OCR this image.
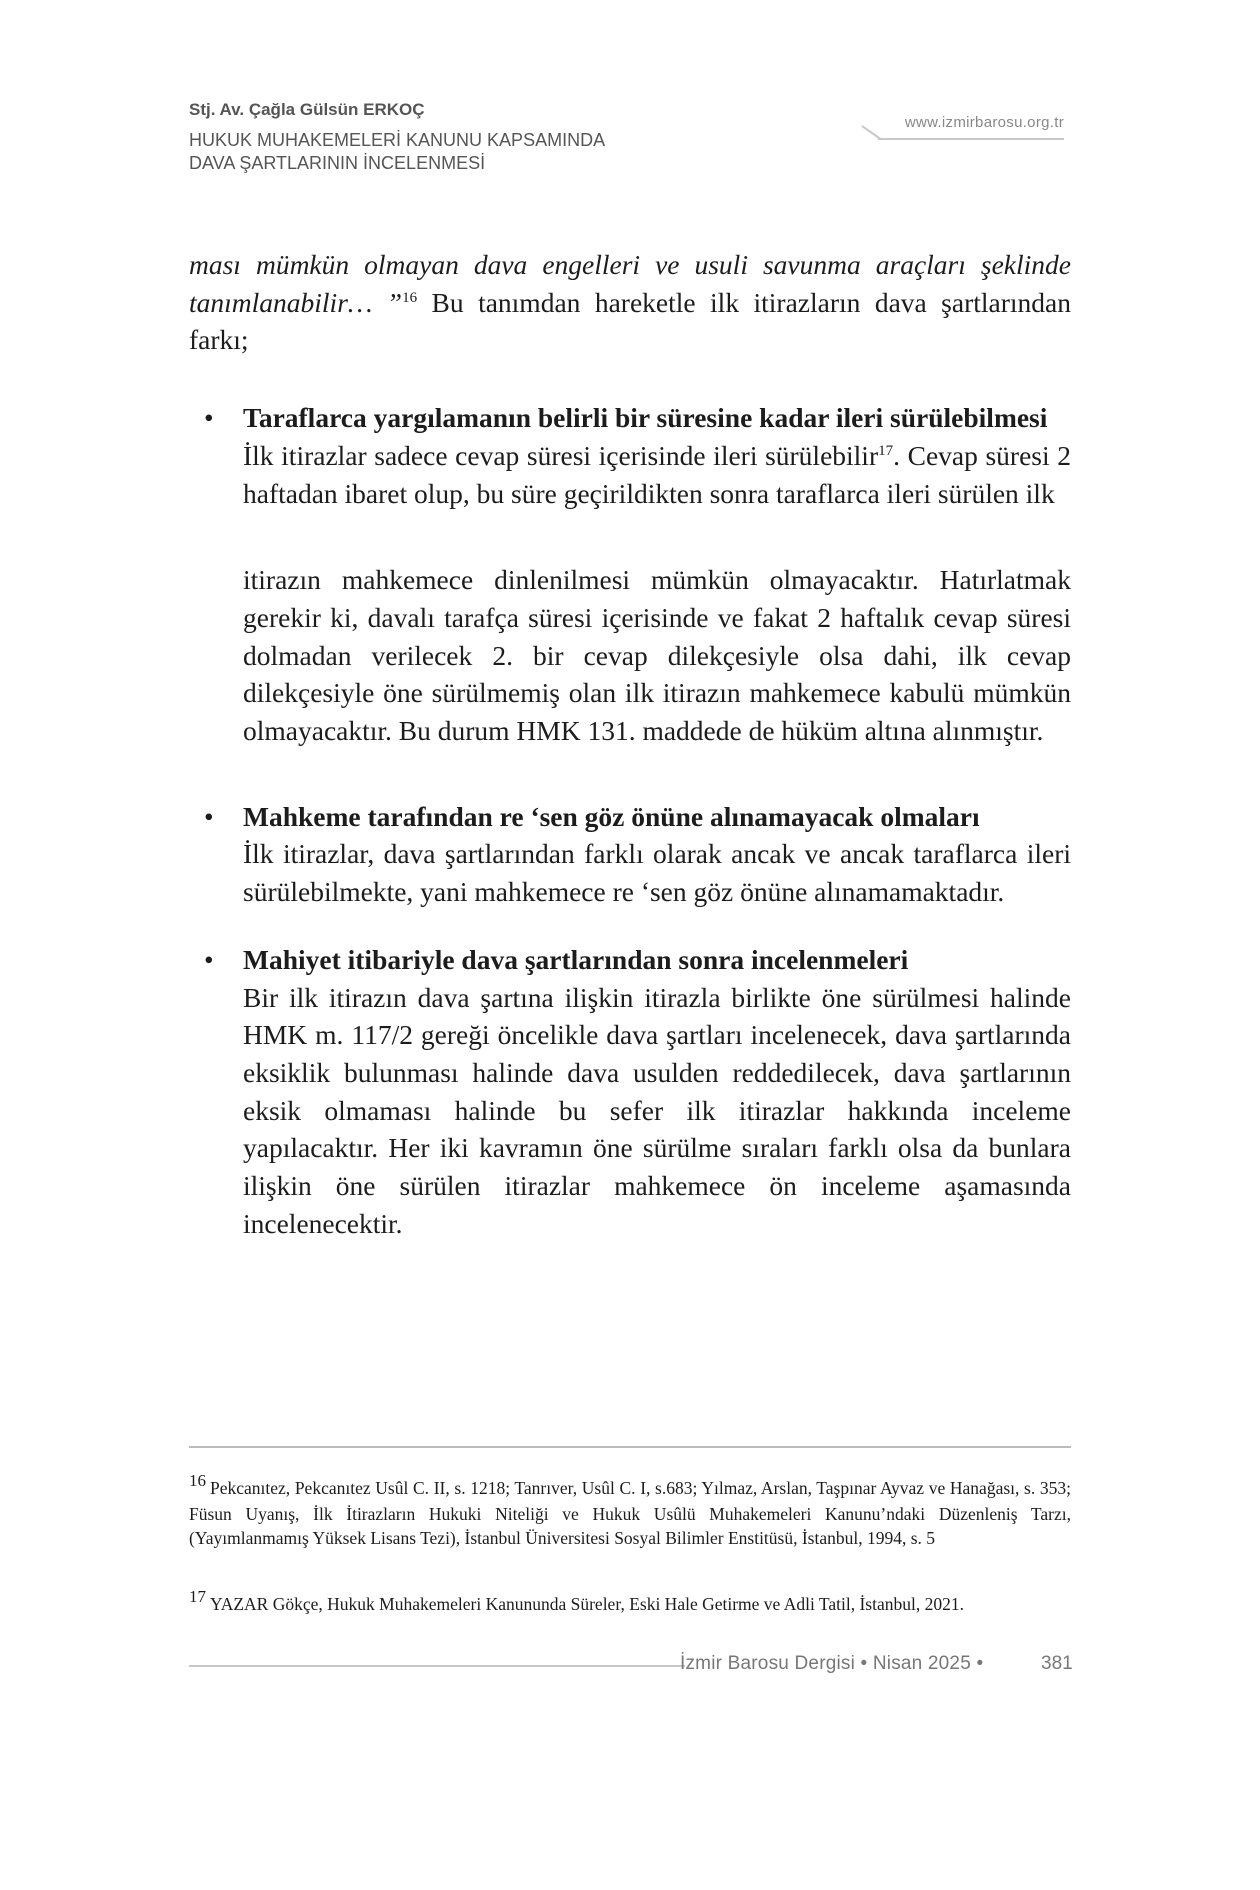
Stj. Av. Çağla Gülsün ERKOÇ
HUKUK MUHAKEMELERİ KANUNU KAPSAMINDA
DAVA ŞARTLARININ İNCELENMESİ
www.izmirbarosu.org.tr

ması mümkün olmayan dava engelleri ve usuli savunma araçları şeklinde tanımlanabilir… ”$^{16}$ Bu tanımdan hareketle ilk itirazların dava şartlarından farkı;

• Taraflarca yargılamanın belirli bir süresine kadar ileri sürülebilmesi

İlk itirazlar sadece cevap süresi içerisinde ileri sürülebilir$^{17}$. Cevap süresi 2 haftadan ibaret olup, bu süre geçirildikten sonra taraflarca ileri sürülen ilk

itirazın mahkemece dinlenilmesi mümkün olmayacaktır. Hatırlatmak gerekir ki, davalı tarafça süresi içerisinde ve fakat 2 haftalık cevap süresi dolmadan verilecek 2. bir cevap dilekçesiyle olsa dahi, ilk cevap dilekçesiyle öne sürülmemiş olan ilk itirazın mahkemece kabulü mümkün olmayacaktır. Bu durum HMK 131. maddede de hüküm altına alınmıştır.

• Mahkeme tarafından re ‘sen göz önüne alınamayacak olmaları

İlk itirazlar, dava şartlarından farklı olarak ancak ve ancak taraflarca ileri sürülebilmekte, yani mahkemece re ‘sen göz önüne alınamamaktadır.

• Mahiyet itibariyle dava şartlarından sonra incelenmeleri

Bir ilk itirazın dava şartına ilişkin itirazla birlikte öne sürülmesi halinde HMK m. 117/2 gereği öncelikle dava şartları incelenecek, dava şartlarında eksiklik bulunması halinde dava usulden reddedilecek, dava şartlarının eksik olmaması halinde bu sefer ilk itirazlar hakkında inceleme yapılacaktır. Her iki kavramın öne sürülme sıraları farklı olsa da bunlara ilişkin öne sürülen itirazlar mahkemece ön inceleme aşamasında incelenecektir.

16 Pekcanıtez, Pekcanıtez Usûl C. II, s. 1218; Tanrıver, Usûl C. I, s.683; Yılmaz, Arslan, Taşpınar Ayvaz ve Hanağası, s. 353; Füsun Uyanış, İlk İtirazların Hukuki Niteliği ve Hukuk Usûlü Muhakemeleri Kanunu’ndaki Düzenleniş Tarzı, (Yayımlanmamış Yüksek Lisans Tezi), İstanbul Üniversitesi Sosyal Bilimler Enstitüsü, İstanbul, 1994, s. 5
17 YAZAR Gökçe, Hukuk Muhakemeleri Kanununda Süreler, Eski Hale Getirme ve Adli Tatil, İstanbul, 2021.
İzmir Barosu Dergisi • Nisan 2025 •	381
